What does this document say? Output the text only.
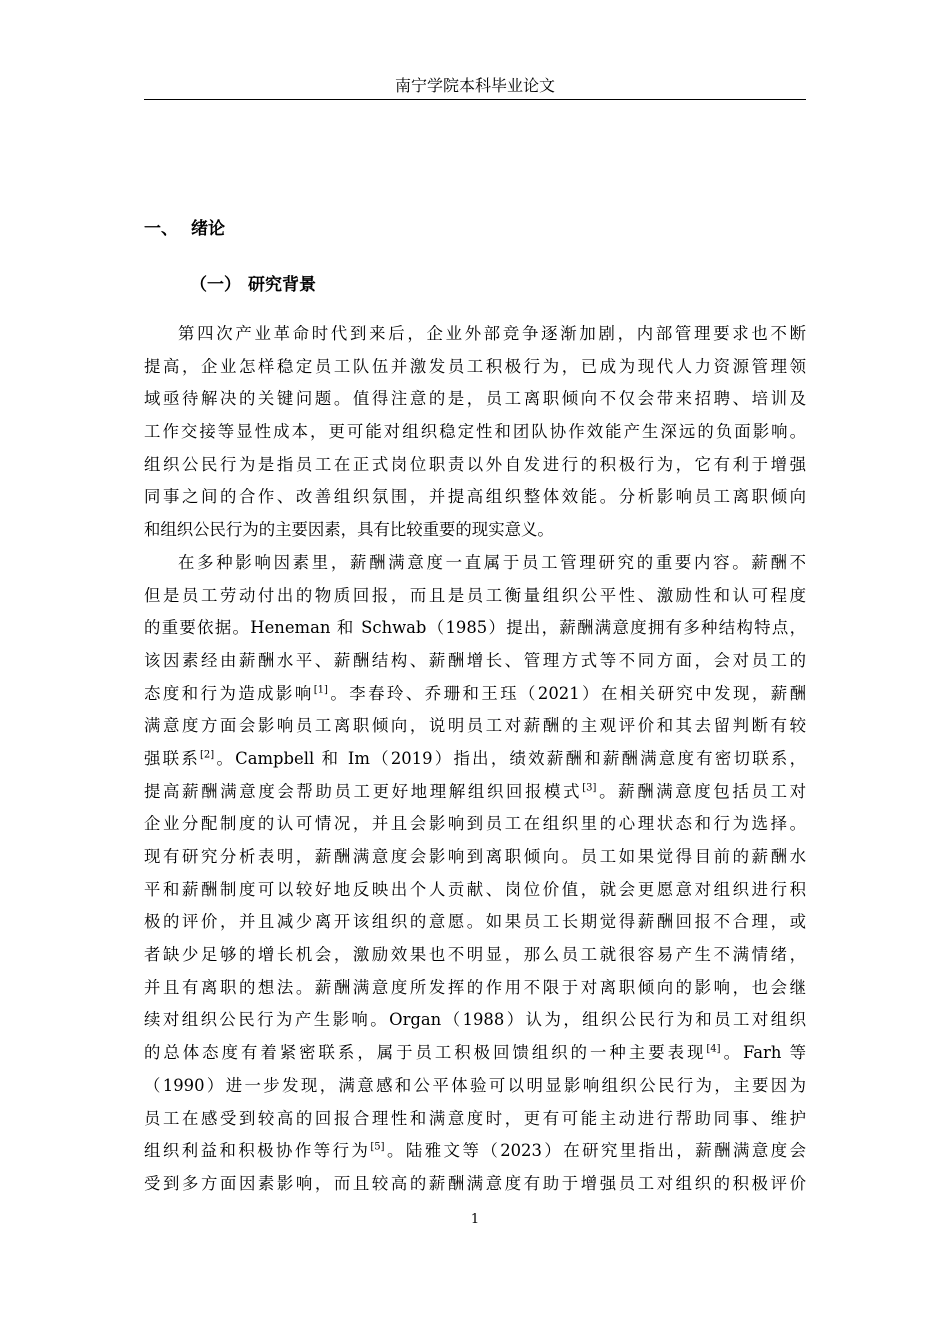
南宁学院本科毕业论文
一、 绪论
（一） 研究背景
第四次产业革命时代到来后，企业外部竞争逐渐加剧，内部管理要求也不断
提高，企业怎样稳定员工队伍并激发员工积极行为，已成为现代人力资源管理领
域亟待解决的关键问题。值得注意的是，员工离职倾向不仅会带来招聘、培训及
工作交接等显性成本，更可能对组织稳定性和团队协作效能产生深远的负面影响。
组织公民行为是指员工在正式岗位职责以外自发进行的积极行为，它有利于增强
同事之间的合作、改善组织氛围，并提高组织整体效能。分析影响员工离职倾向
和组织公民行为的主要因素，具有比较重要的现实意义。
在多种影响因素里，薪酬满意度一直属于员工管理研究的重要内容。薪酬不
但是员工劳动付出的物质回报，而且是员工衡量组织公平性、激励性和认可程度
的重要依据。Heneman 和 Schwab（1985）提出，薪酬满意度拥有多种结构特点，
该因素经由薪酬水平、薪酬结构、薪酬增长、管理方式等不同方面，会对员工的
态度和行为造成影响[1]。李春玲、乔珊和王珏（2021）在相关研究中发现，薪酬
满意度方面会影响员工离职倾向，说明员工对薪酬的主观评价和其去留判断有较
强联系[2]。Campbell 和 Im（2019）指出，绩效薪酬和薪酬满意度有密切联系，
提高薪酬满意度会帮助员工更好地理解组织回报模式[3]。薪酬满意度包括员工对
企业分配制度的认可情况，并且会影响到员工在组织里的心理状态和行为选择。
现有研究分析表明，薪酬满意度会影响到离职倾向。员工如果觉得目前的薪酬水
平和薪酬制度可以较好地反映出个人贡献、岗位价值，就会更愿意对组织进行积
极的评价，并且减少离开该组织的意愿。如果员工长期觉得薪酬回报不合理，或
者缺少足够的增长机会，激励效果也不明显，那么员工就很容易产生不满情绪，
并且有离职的想法。薪酬满意度所发挥的作用不限于对离职倾向的影响，也会继
续对组织公民行为产生影响。Organ（1988）认为，组织公民行为和员工对组织
的总体态度有着紧密联系，属于员工积极回馈组织的一种主要表现[4]。Farh 等
（1990）进一步发现，满意感和公平体验可以明显影响组织公民行为，主要因为
员工在感受到较高的回报合理性和满意度时，更有可能主动进行帮助同事、维护
组织利益和积极协作等行为[5]。陆雅文等（2023）在研究里指出，薪酬满意度会
受到多方面因素影响，而且较高的薪酬满意度有助于增强员工对组织的积极评价
1
